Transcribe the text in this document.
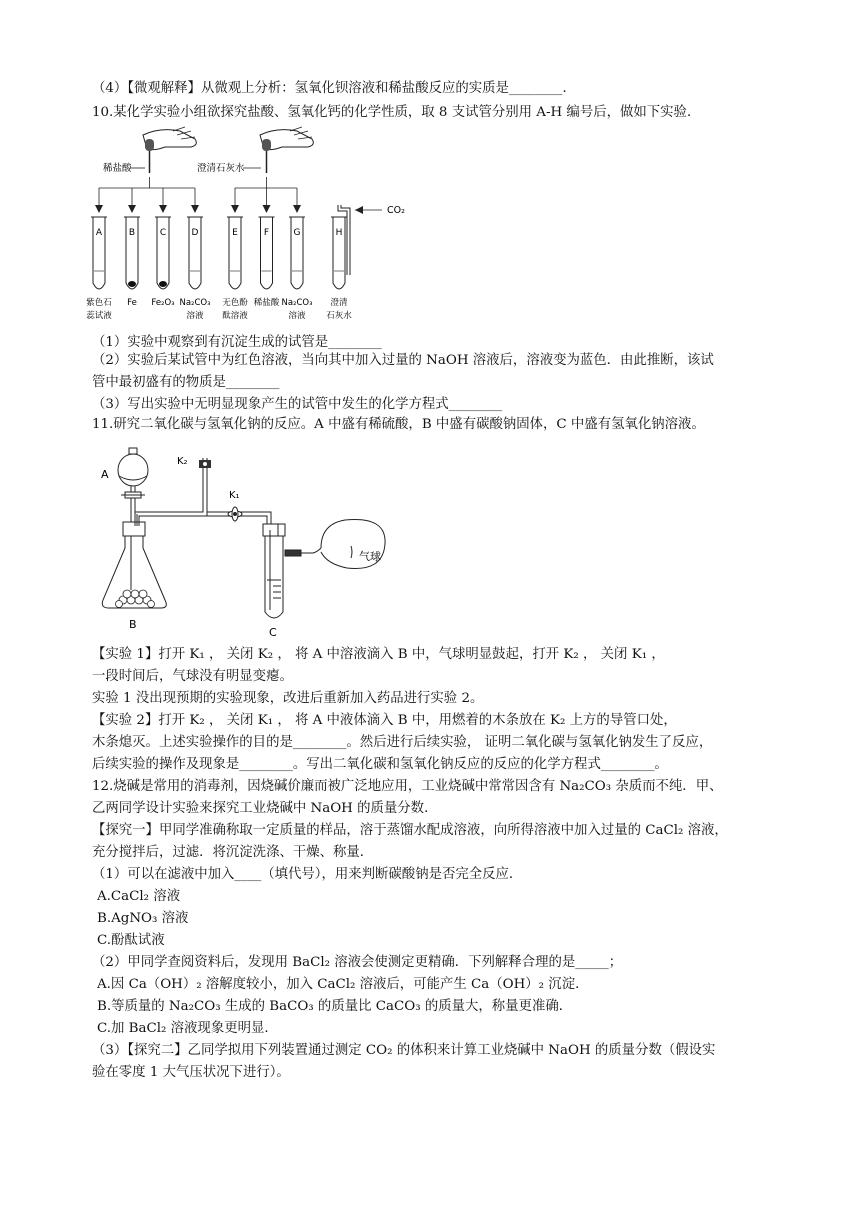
（4）【微观解释】从微观上分析：氢氧化钡溶液和稀盐酸反应的实质是________．
10.某化学实验小组欲探究盐酸、氢氧化钙的化学性质，取 8 支试管分别用 A-H 编号后，做如下实验．
稀盐酸	澄清石灰水
CO₂
A
紫色石
蕊试液
B
Fe
C
Fe₂O₃
D
Na₂CO₃
溶液
E
无色酚
酞溶液
F
稀盐酸
G
Na₂CO₃
溶液
H
澄清
石灰水
（1）实验中观察到有沉淀生成的试管是________
（2）实验后某试管中为红色溶液，当向其中加入过量的 NaOH 溶液后，溶液变为蓝色．由此推断，该试
管中最初盛有的物质是________
（3）写出实验中无明显现象产生的试管中发生的化学方程式________
11.研究二氧化碳与氢氧化钠的反应。A 中盛有稀硫酸，B 中盛有碳酸钠固体，C 中盛有氢氧化钠溶液。
A
B
K₂
K₁
C
气球
【实验 1】打开 K₁ ， 关闭 K₂ ， 将 A 中溶液滴入 B 中，气球明显鼓起，打开 K₂ ， 关闭 K₁ ，
一段时间后，气球没有明显变瘪。
实验 1 没出现预期的实验现象，改进后重新加入药品进行实验 2。
【实验 2】打开 K₂ ， 关闭 K₁ ， 将 A 中液体滴入 B 中，用燃着的木条放在 K₂ 上方的导管口处，
木条熄灭。上述实验操作的目的是________。然后进行后续实验， 证明二氧化碳与氢氧化钠发生了反应，
后续实验的操作及现象是________。写出二氧化碳和氢氧化钠反应的反应的化学方程式________。
12.烧碱是常用的消毒剂，因烧碱价廉而被广泛地应用，工业烧碱中常常因含有 Na₂CO₃ 杂质而不纯．甲、
乙两同学设计实验来探究工业烧碱中 NaOH 的质量分数．
【探究一】甲同学准确称取一定质量的样品，溶于蒸馏水配成溶液，向所得溶液中加入过量的 CaCl₂ 溶液，
充分搅拌后，过滤．将沉淀洗涤、干燥、称量．
（1）可以在滤液中加入____（填代号），用来判断碳酸钠是否完全反应．
A.CaCl₂ 溶液
B.AgNO₃ 溶液
C.酚酞试液
（2）甲同学查阅资料后，发现用 BaCl₂ 溶液会使测定更精确．下列解释合理的是_____；
A.因 Ca（OH）₂ 溶解度较小，加入 CaCl₂ 溶液后，可能产生 Ca（OH）₂ 沉淀．
B.等质量的 Na₂CO₃ 生成的 BaCO₃ 的质量比 CaCO₃ 的质量大，称量更准确．
C.加 BaCl₂ 溶液现象更明显．
（3）【探究二】乙同学拟用下列装置通过测定 CO₂ 的体积来计算工业烧碱中 NaOH 的质量分数（假设实
验在零度 1 大气压状况下进行）。
